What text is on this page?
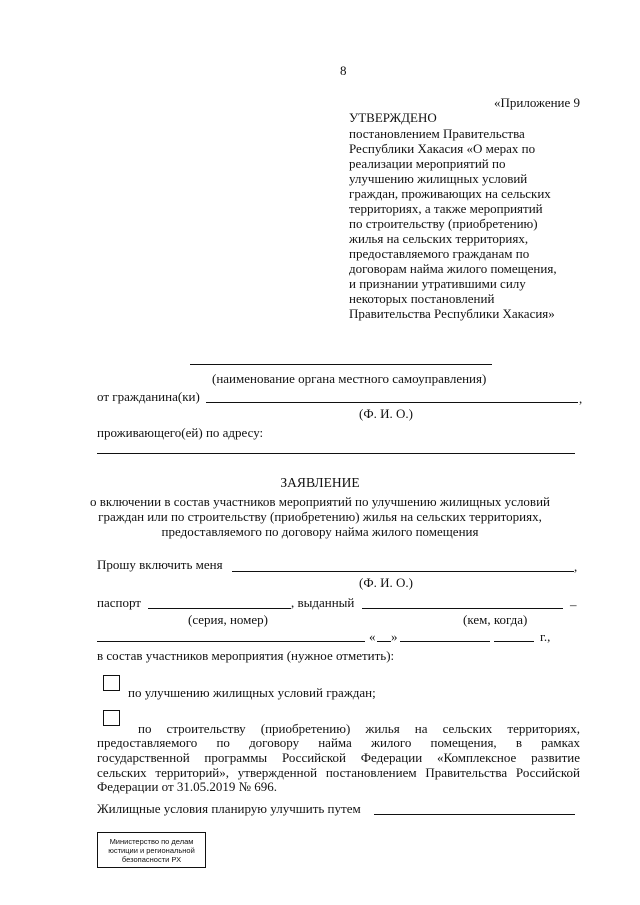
8
«Приложение 9
УТВЕРЖДЕНО
постановлением Правительства
Республики Хакасия «О мерах по
реализации мероприятий по
улучшению жилищных условий
граждан, проживающих на сельских
территориях, а также мероприятий
по строительству (приобретению)
жилья на сельских территориях,
предоставляемого гражданам по
договорам найма жилого помещения,
и признании утратившими силу
некоторых постановлений
Правительства Республики Хакасия»
(наименование органа местного самоуправления)
от гражданина(ки)	,
(Ф. И. О.)
проживающего(ей) по адресу:
ЗАЯВЛЕНИЕ
о включении в состав участников мероприятий по улучшению жилищных условий
граждан или по строительству (приобретению) жилья на сельских территориях,
предоставляемого по договору найма жилого помещения
Прошу включить меня	,
(Ф. И. О.)
паспорт	, выданный	–
(серия, номер)	(кем, когда)
« »	г.,
в состав участников мероприятия (нужное отметить):
по улучшению жилищных условий граждан;
по строительству (приобретению) жилья на сельских территориях,
предоставляемого по договору найма жилого помещения, в рамках
государственной программы Российской Федерации «Комплексное развитие
сельских территорий», утвержденной постановлением Правительства Российской
Федерации от 31.05.2019 № 696.
Жилищные условия планирую улучшить путем
Министерство по делам
юстиции и региональной
безопасности РХ
